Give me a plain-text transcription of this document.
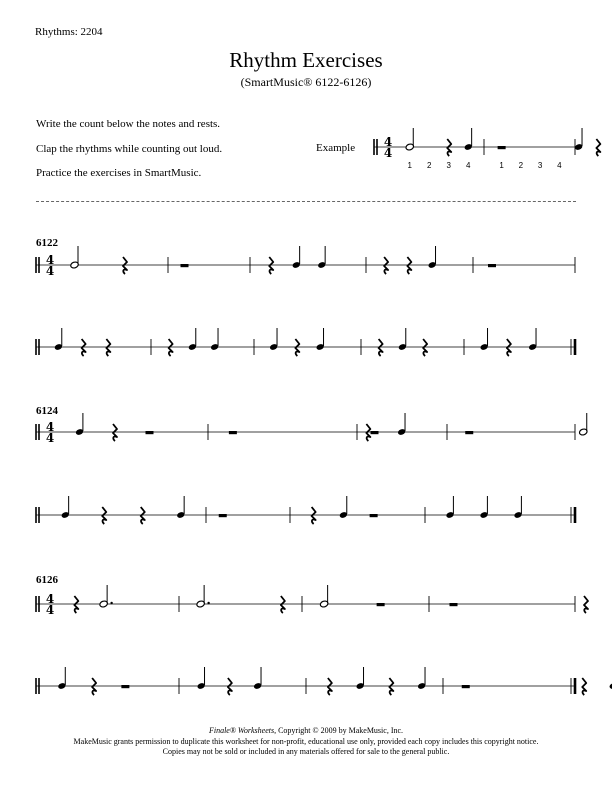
Rhythms: 2204
Rhythm Exercises
(SmartMusic® 6122-6126)
Write the count below the notes and rests.
Clap the rhythms while counting out loud.
Practice the exercises in SmartMusic.
Example
6122
6124
6126
4
4
1 2 3 4	1 2 3 4
4
4
4
4
4
4
Finale® Worksheets, Copyright © 2009 by MakeMusic, Inc.
MakeMusic grants permission to duplicate this worksheet for non-profit, educational use only, provided each copy includes this copyright notice.
Copies may not be sold or included in any materials offered for sale to the general public.
